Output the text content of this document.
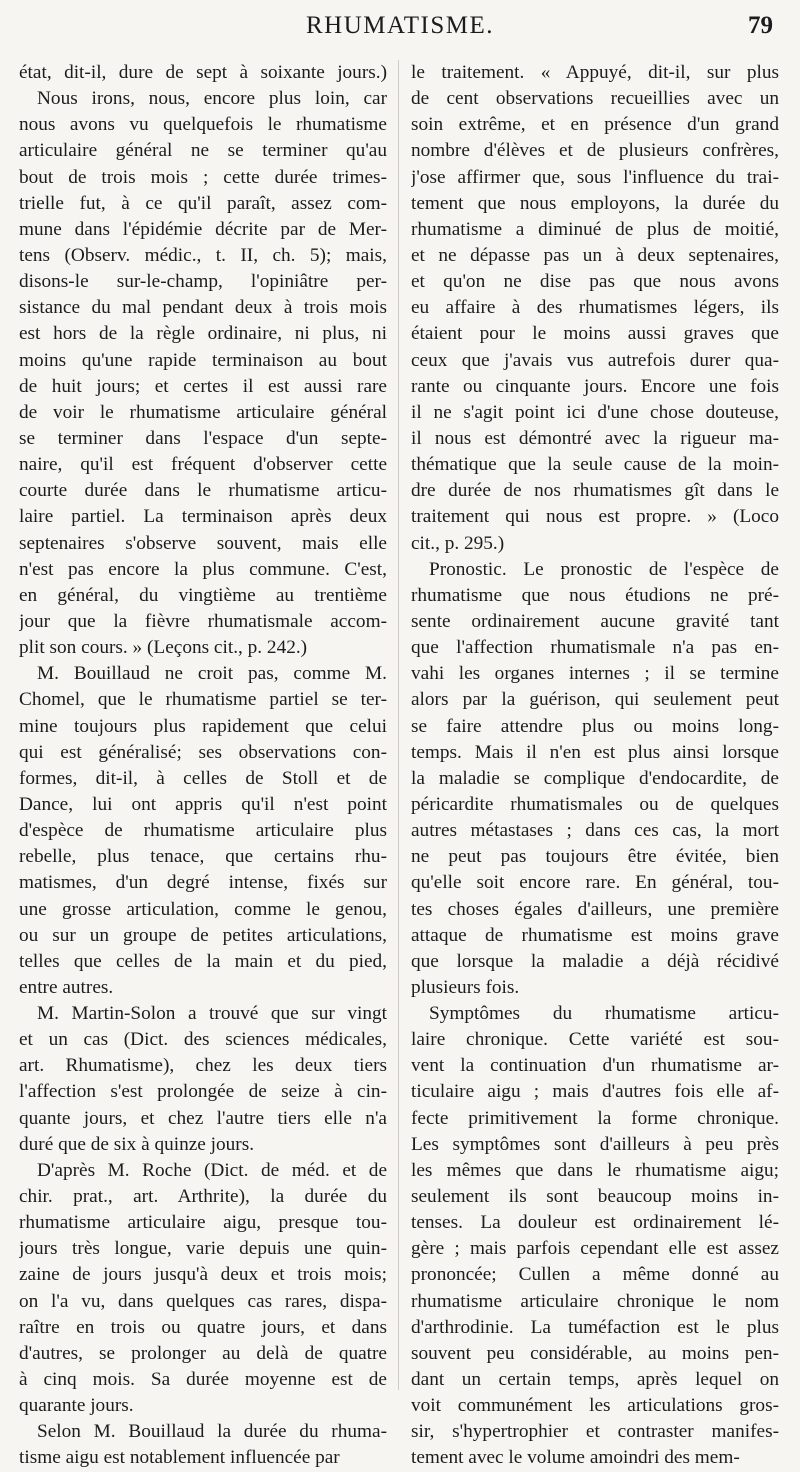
RHUMATISME.	79
état, dit-il, dure de sept à soixante jours.)
Nous irons, nous, encore plus loin, car
nous avons vu quelquefois le rhumatisme
articulaire général ne se terminer qu'au
bout de trois mois ; cette durée trimes-
trielle fut, à ce qu'il paraît, assez com-
mune dans l'épidémie décrite par de Mer-
tens (Observ. médic., t. II, ch. 5); mais,
disons-le sur-le-champ, l'opiniâtre per-
sistance du mal pendant deux à trois mois
est hors de la règle ordinaire, ni plus, ni
moins qu'une rapide terminaison au bout
de huit jours; et certes il est aussi rare
de voir le rhumatisme articulaire général
se terminer dans l'espace d'un septe-
naire, qu'il est fréquent d'observer cette
courte durée dans le rhumatisme articu-
laire partiel. La terminaison après deux
septenaires s'observe souvent, mais elle
n'est pas encore la plus commune. C'est,
en général, du vingtième au trentième
jour que la fièvre rhumatismale accom-
plit son cours. » (Leçons cit., p. 242.)
M. Bouillaud ne croit pas, comme M.
Chomel, que le rhumatisme partiel se ter-
mine toujours plus rapidement que celui
qui est généralisé; ses observations con-
formes, dit-il, à celles de Stoll et de
Dance, lui ont appris qu'il n'est point
d'espèce de rhumatisme articulaire plus
rebelle, plus tenace, que certains rhu-
matismes, d'un degré intense, fixés sur
une grosse articulation, comme le genou,
ou sur un groupe de petites articulations,
telles que celles de la main et du pied,
entre autres.
M. Martin-Solon a trouvé que sur vingt
et un cas (Dict. des sciences médicales,
art. Rhumatisme), chez les deux tiers
l'affection s'est prolongée de seize à cin-
quante jours, et chez l'autre tiers elle n'a
duré que de six à quinze jours.
D'après M. Roche (Dict. de méd. et de
chir. prat., art. Arthrite), la durée du
rhumatisme articulaire aigu, presque tou-
jours très longue, varie depuis une quin-
zaine de jours jusqu'à deux et trois mois;
on l'a vu, dans quelques cas rares, dispa-
raître en trois ou quatre jours, et dans
d'autres, se prolonger au delà de quatre
à cinq mois. Sa durée moyenne est de
quarante jours.
Selon M. Bouillaud la durée du rhuma-
tisme aigu est notablement influencée par
le traitement. « Appuyé, dit-il, sur plus
de cent observations recueillies avec un
soin extrême, et en présence d'un grand
nombre d'élèves et de plusieurs confrères,
j'ose affirmer que, sous l'influence du trai-
tement que nous employons, la durée du
rhumatisme a diminué de plus de moitié,
et ne dépasse pas un à deux septenaires,
et qu'on ne dise pas que nous avons
eu affaire à des rhumatismes légers, ils
étaient pour le moins aussi graves que
ceux que j'avais vus autrefois durer qua-
rante ou cinquante jours. Encore une fois
il ne s'agit point ici d'une chose douteuse,
il nous est démontré avec la rigueur ma-
thématique que la seule cause de la moin-
dre durée de nos rhumatismes gît dans le
traitement qui nous est propre. » (Loco
cit., p. 295.)
Pronostic. Le pronostic de l'espèce de
rhumatisme que nous étudions ne pré-
sente ordinairement aucune gravité tant
que l'affection rhumatismale n'a pas en-
vahi les organes internes ; il se termine
alors par la guérison, qui seulement peut
se faire attendre plus ou moins long-
temps. Mais il n'en est plus ainsi lorsque
la maladie se complique d'endocardite, de
péricardite rhumatismales ou de quelques
autres métastases ; dans ces cas, la mort
ne peut pas toujours être évitée, bien
qu'elle soit encore rare. En général, tou-
tes choses égales d'ailleurs, une première
attaque de rhumatisme est moins grave
que lorsque la maladie a déjà récidivé
plusieurs fois.
Symptômes du rhumatisme articu-
laire chronique. Cette variété est sou-
vent la continuation d'un rhumatisme ar-
ticulaire aigu ; mais d'autres fois elle af-
fecte primitivement la forme chronique.
Les symptômes sont d'ailleurs à peu près
les mêmes que dans le rhumatisme aigu;
seulement ils sont beaucoup moins in-
tenses. La douleur est ordinairement lé-
gère ; mais parfois cependant elle est assez
prononcée; Cullen a même donné au
rhumatisme articulaire chronique le nom
d'arthrodinie. La tuméfaction est le plus
souvent peu considérable, au moins pen-
dant un certain temps, après lequel on
voit communément les articulations gros-
sir, s'hypertrophier et contraster manifes-
tement avec le volume amoindri des mem-
